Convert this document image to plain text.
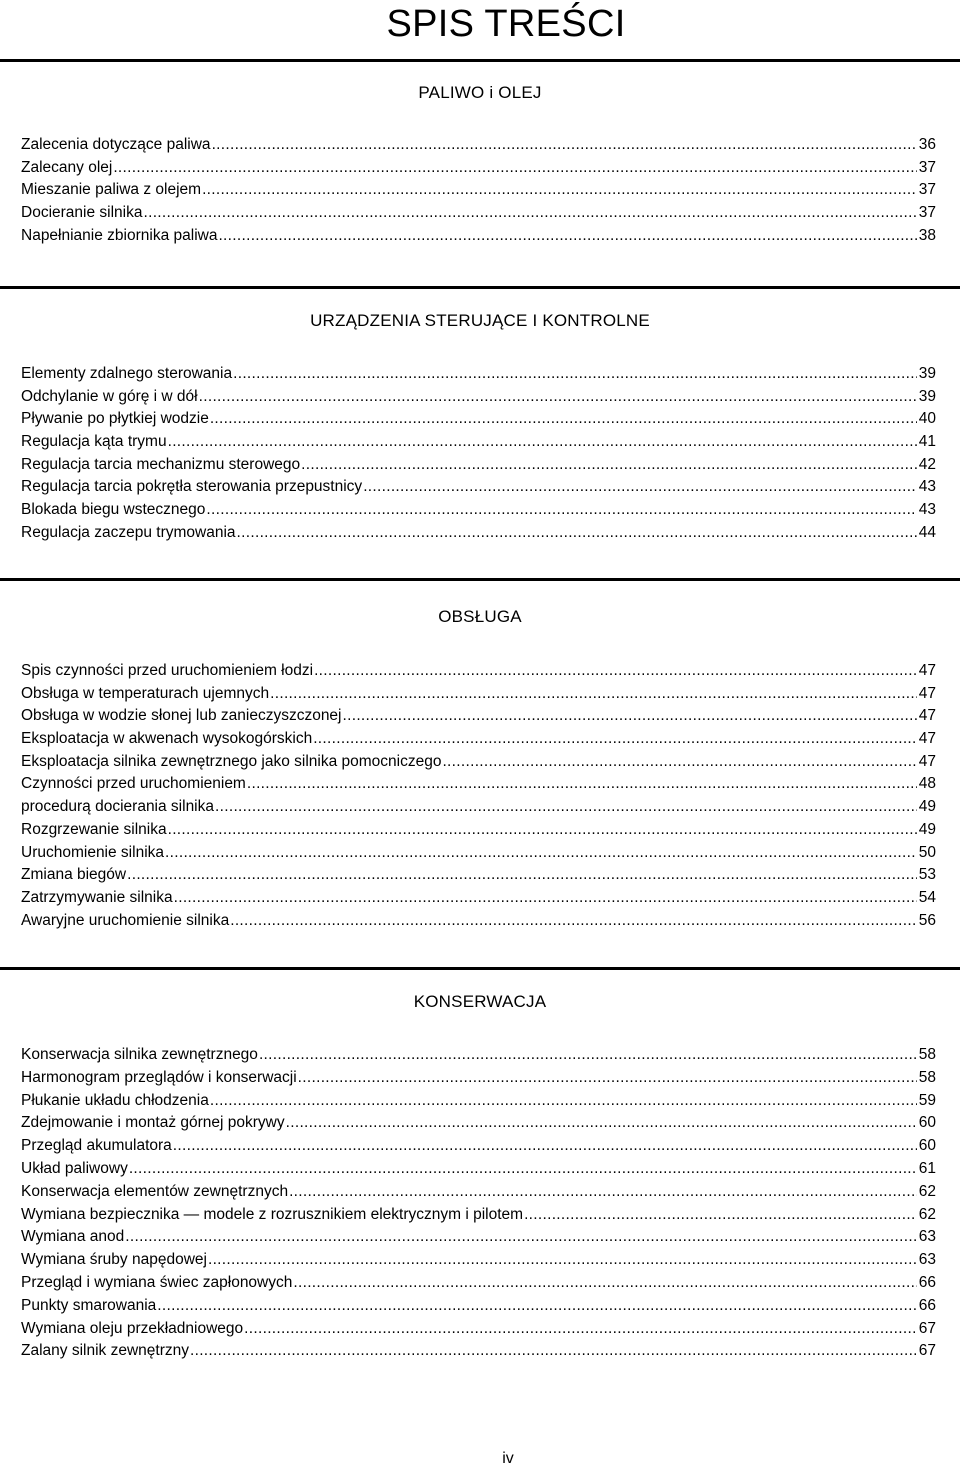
SPIS TREŚCI
PALIWO i OLEJ
Zalecenia dotyczące paliwa .....	36
Zalecany olej .....	37
Mieszanie paliwa z olejem .....	37
Docieranie silnika .....	37
Napełnianie zbiornika paliwa .....	38
URZĄDZENIA STERUJĄCE I KONTROLNE
Elementy zdalnego sterowania .....	39
Odchylanie w górę i w dół .....	39
Pływanie po płytkiej wodzie .....	40
Regulacja kąta trymu .....	41
Regulacja tarcia mechanizmu sterowego .....	42
Regulacja tarcia pokrętła sterowania przepustnicy .....	43
Blokada biegu wstecznego .....	43
Regulacja zaczepu trymowania .....	44
OBSŁUGA
Spis czynności przed uruchomieniem łodzi .....	47
Obsługa w temperaturach ujemnych .....	47
Obsługa w wodzie słonej lub zanieczyszczonej .....	47
Eksploatacja w akwenach wysokogórskich .....	47
Eksploatacja silnika zewnętrznego jako silnika pomocniczego .....	47
Czynności przed uruchomieniem .....	48
procedurą docierania silnika .....	49
Rozgrzewanie silnika .....	49
Uruchomienie silnika .....	50
Zmiana biegów .....	53
Zatrzymywanie silnika .....	54
Awaryjne uruchomienie silnika .....	56
KONSERWACJA
Konserwacja silnika zewnętrznego .....	58
Harmonogram przeglądów i konserwacji .....	58
Płukanie układu chłodzenia .....	59
Zdejmowanie i montaż górnej pokrywy .....	60
Przegląd akumulatora .....	60
Układ paliwowy .....	61
Konserwacja elementów zewnętrznych .....	62
Wymiana bezpiecznika — modele z rozrusznikiem elektrycznym i pilotem .....	62
Wymiana anod .....	63
Wymiana śruby napędowej .....	63
Przegląd i wymiana świec zapłonowych .....	66
Punkty smarowania .....	66
Wymiana oleju przekładniowego .....	67
Zalany silnik zewnętrzny .....	67
iv
